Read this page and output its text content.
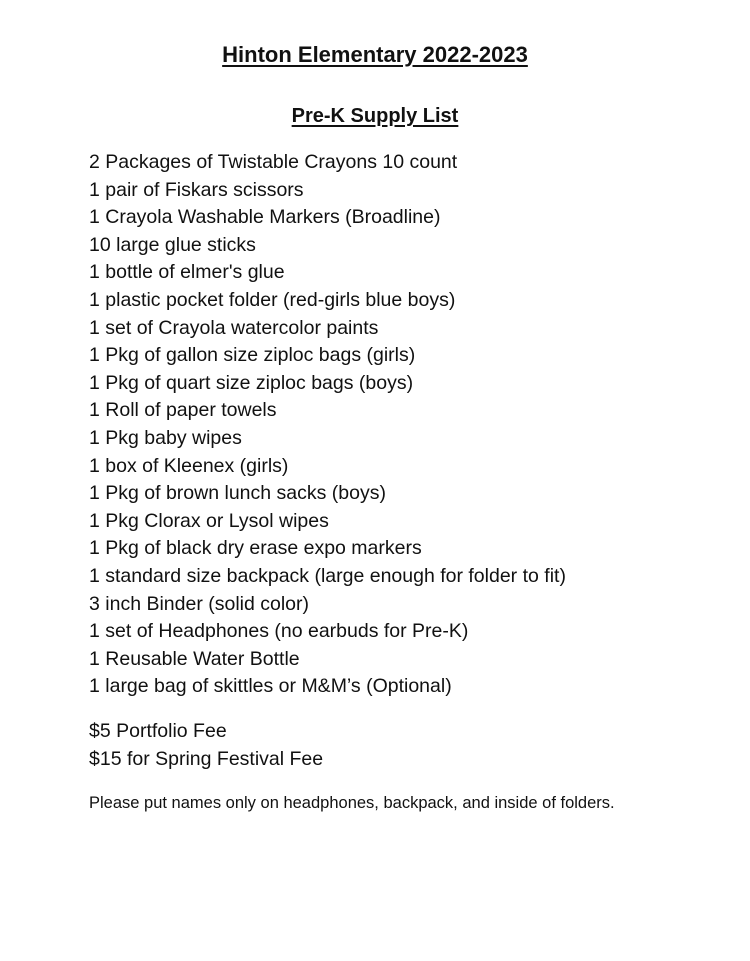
Hinton Elementary 2022-2023
Pre-K Supply List
2 Packages of Twistable Crayons 10 count
1 pair of Fiskars scissors
1 Crayola Washable Markers (Broadline)
10 large glue sticks
1 bottle of elmer's glue
1 plastic pocket folder (red-girls blue boys)
1 set of Crayola watercolor paints
1 Pkg of gallon size ziploc bags (girls)
1 Pkg of quart size ziploc bags (boys)
1 Roll of paper towels
1 Pkg baby wipes
1 box of Kleenex (girls)
1 Pkg of brown lunch sacks (boys)
1 Pkg Clorax or Lysol wipes
1 Pkg of black dry erase expo markers
1 standard size backpack (large enough for folder to fit)
3 inch Binder (solid color)
1 set of Headphones (no earbuds for Pre-K)
1 Reusable Water Bottle
1 large bag of skittles or M&M’s (Optional)
$5 Portfolio Fee
$15 for Spring Festival Fee
Please put names only on headphones, backpack, and inside of folders.
